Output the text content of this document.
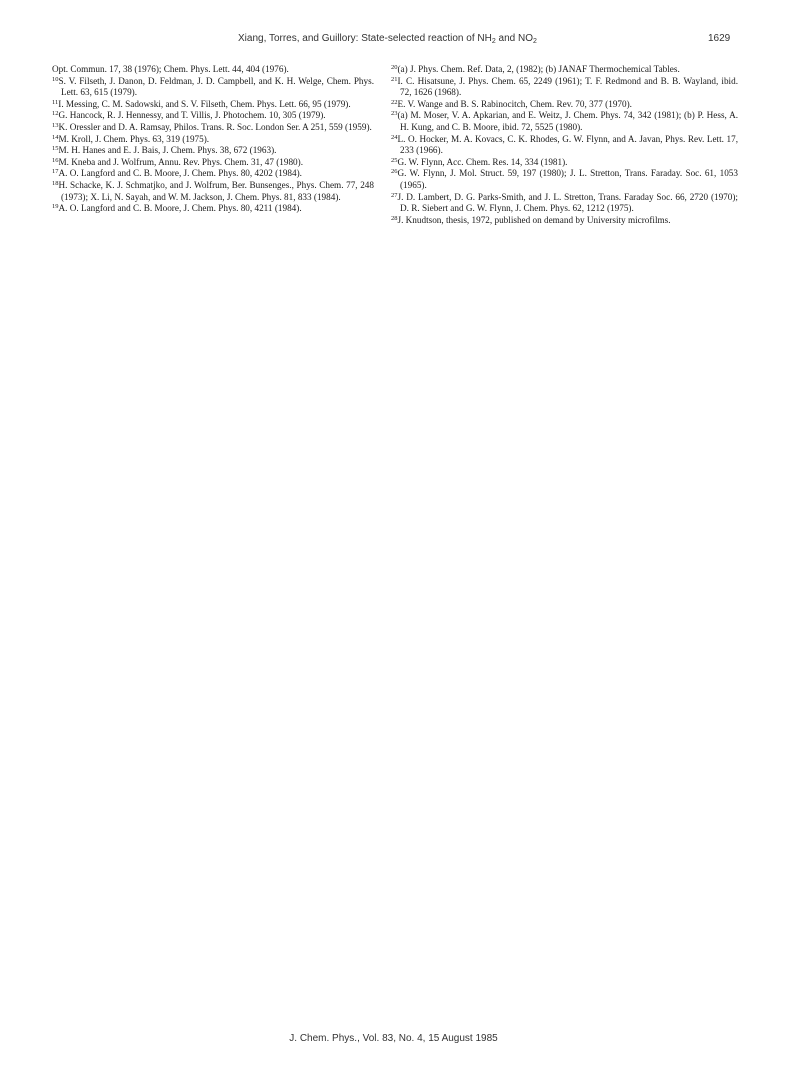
Xiang, Torres, and Guillory: State-selected reaction of $NH_2$ and $NO_2$	1629

Opt. Commun. 17, 38 (1976); Chem. Phys. Lett. 44, 404 (1976).

$^{10}$S. V. Filseth, J. Danon, D. Feldman, J. D. Campbell, and K. H. Welge, Chem. Phys. Lett. 63, 615 (1979).

$^{11}$I. Messing, C. M. Sadowski, and S. V. Filseth, Chem. Phys. Lett. 66, 95 (1979).

$^{12}$G. Hancock, R. J. Hennessy, and T. Villis, J. Photochem. 10, 305 (1979).

$^{13}$K. Oressler and D. A. Ramsay, Philos. Trans. R. Soc. London Ser. A 251, 559 (1959).

$^{14}$M. Kroll, J. Chem. Phys. 63, 319 (1975).

$^{15}$M. H. Hanes and E. J. Bais, J. Chem. Phys. 38, 672 (1963).

$^{16}$M. Kneba and J. Wolfrum, Annu. Rev. Phys. Chem. 31, 47 (1980).

$^{17}$A. O. Langford and C. B. Moore, J. Chem. Phys. 80, 4202 (1984).

$^{18}$H. Schacke, K. J. Schmatjko, and J. Wolfrum, Ber. Bunsenges., Phys. Chem. 77, 248 (1973); X. Li, N. Sayah, and W. M. Jackson, J. Chem. Phys. 81, 833 (1984).

$^{19}$A. O. Langford and C. B. Moore, J. Chem. Phys. 80, 4211 (1984).

$^{20}$(a) J. Phys. Chem. Ref. Data, 2, (1982); (b) JANAF Thermochemical Tables.

$^{21}$I. C. Hisatsune, J. Phys. Chem. 65, 2249 (1961); T. F. Redmond and B. B. Wayland, ibid. 72, 1626 (1968).

$^{22}$E. V. Wange and B. S. Rabinocitch, Chem. Rev. 70, 377 (1970).

$^{23}$(a) M. Moser, V. A. Apkarian, and E. Weitz, J. Chem. Phys. 74, 342 (1981); (b) P. Hess, A. H. Kung, and C. B. Moore, ibid. 72, 5525 (1980).

$^{24}$L. O. Hocker, M. A. Kovacs, C. K. Rhodes, G. W. Flynn, and A. Javan, Phys. Rev. Lett. 17, 233 (1966).

$^{25}$G. W. Flynn, Acc. Chem. Res. 14, 334 (1981).

$^{26}$G. W. Flynn, J. Mol. Struct. 59, 197 (1980); J. L. Stretton, Trans. Faraday. Soc. 61, 1053 (1965).

$^{27}$J. D. Lambert, D. G. Parks-Smith, and J. L. Stretton, Trans. Faraday Soc. 66, 2720 (1970); D. R. Siebert and G. W. Flynn, J. Chem. Phys. 62, 1212 (1975).

$^{28}$J. Knudtson, thesis, 1972, published on demand by University microfilms.

J. Chem. Phys., Vol. 83, No. 4, 15 August 1985
